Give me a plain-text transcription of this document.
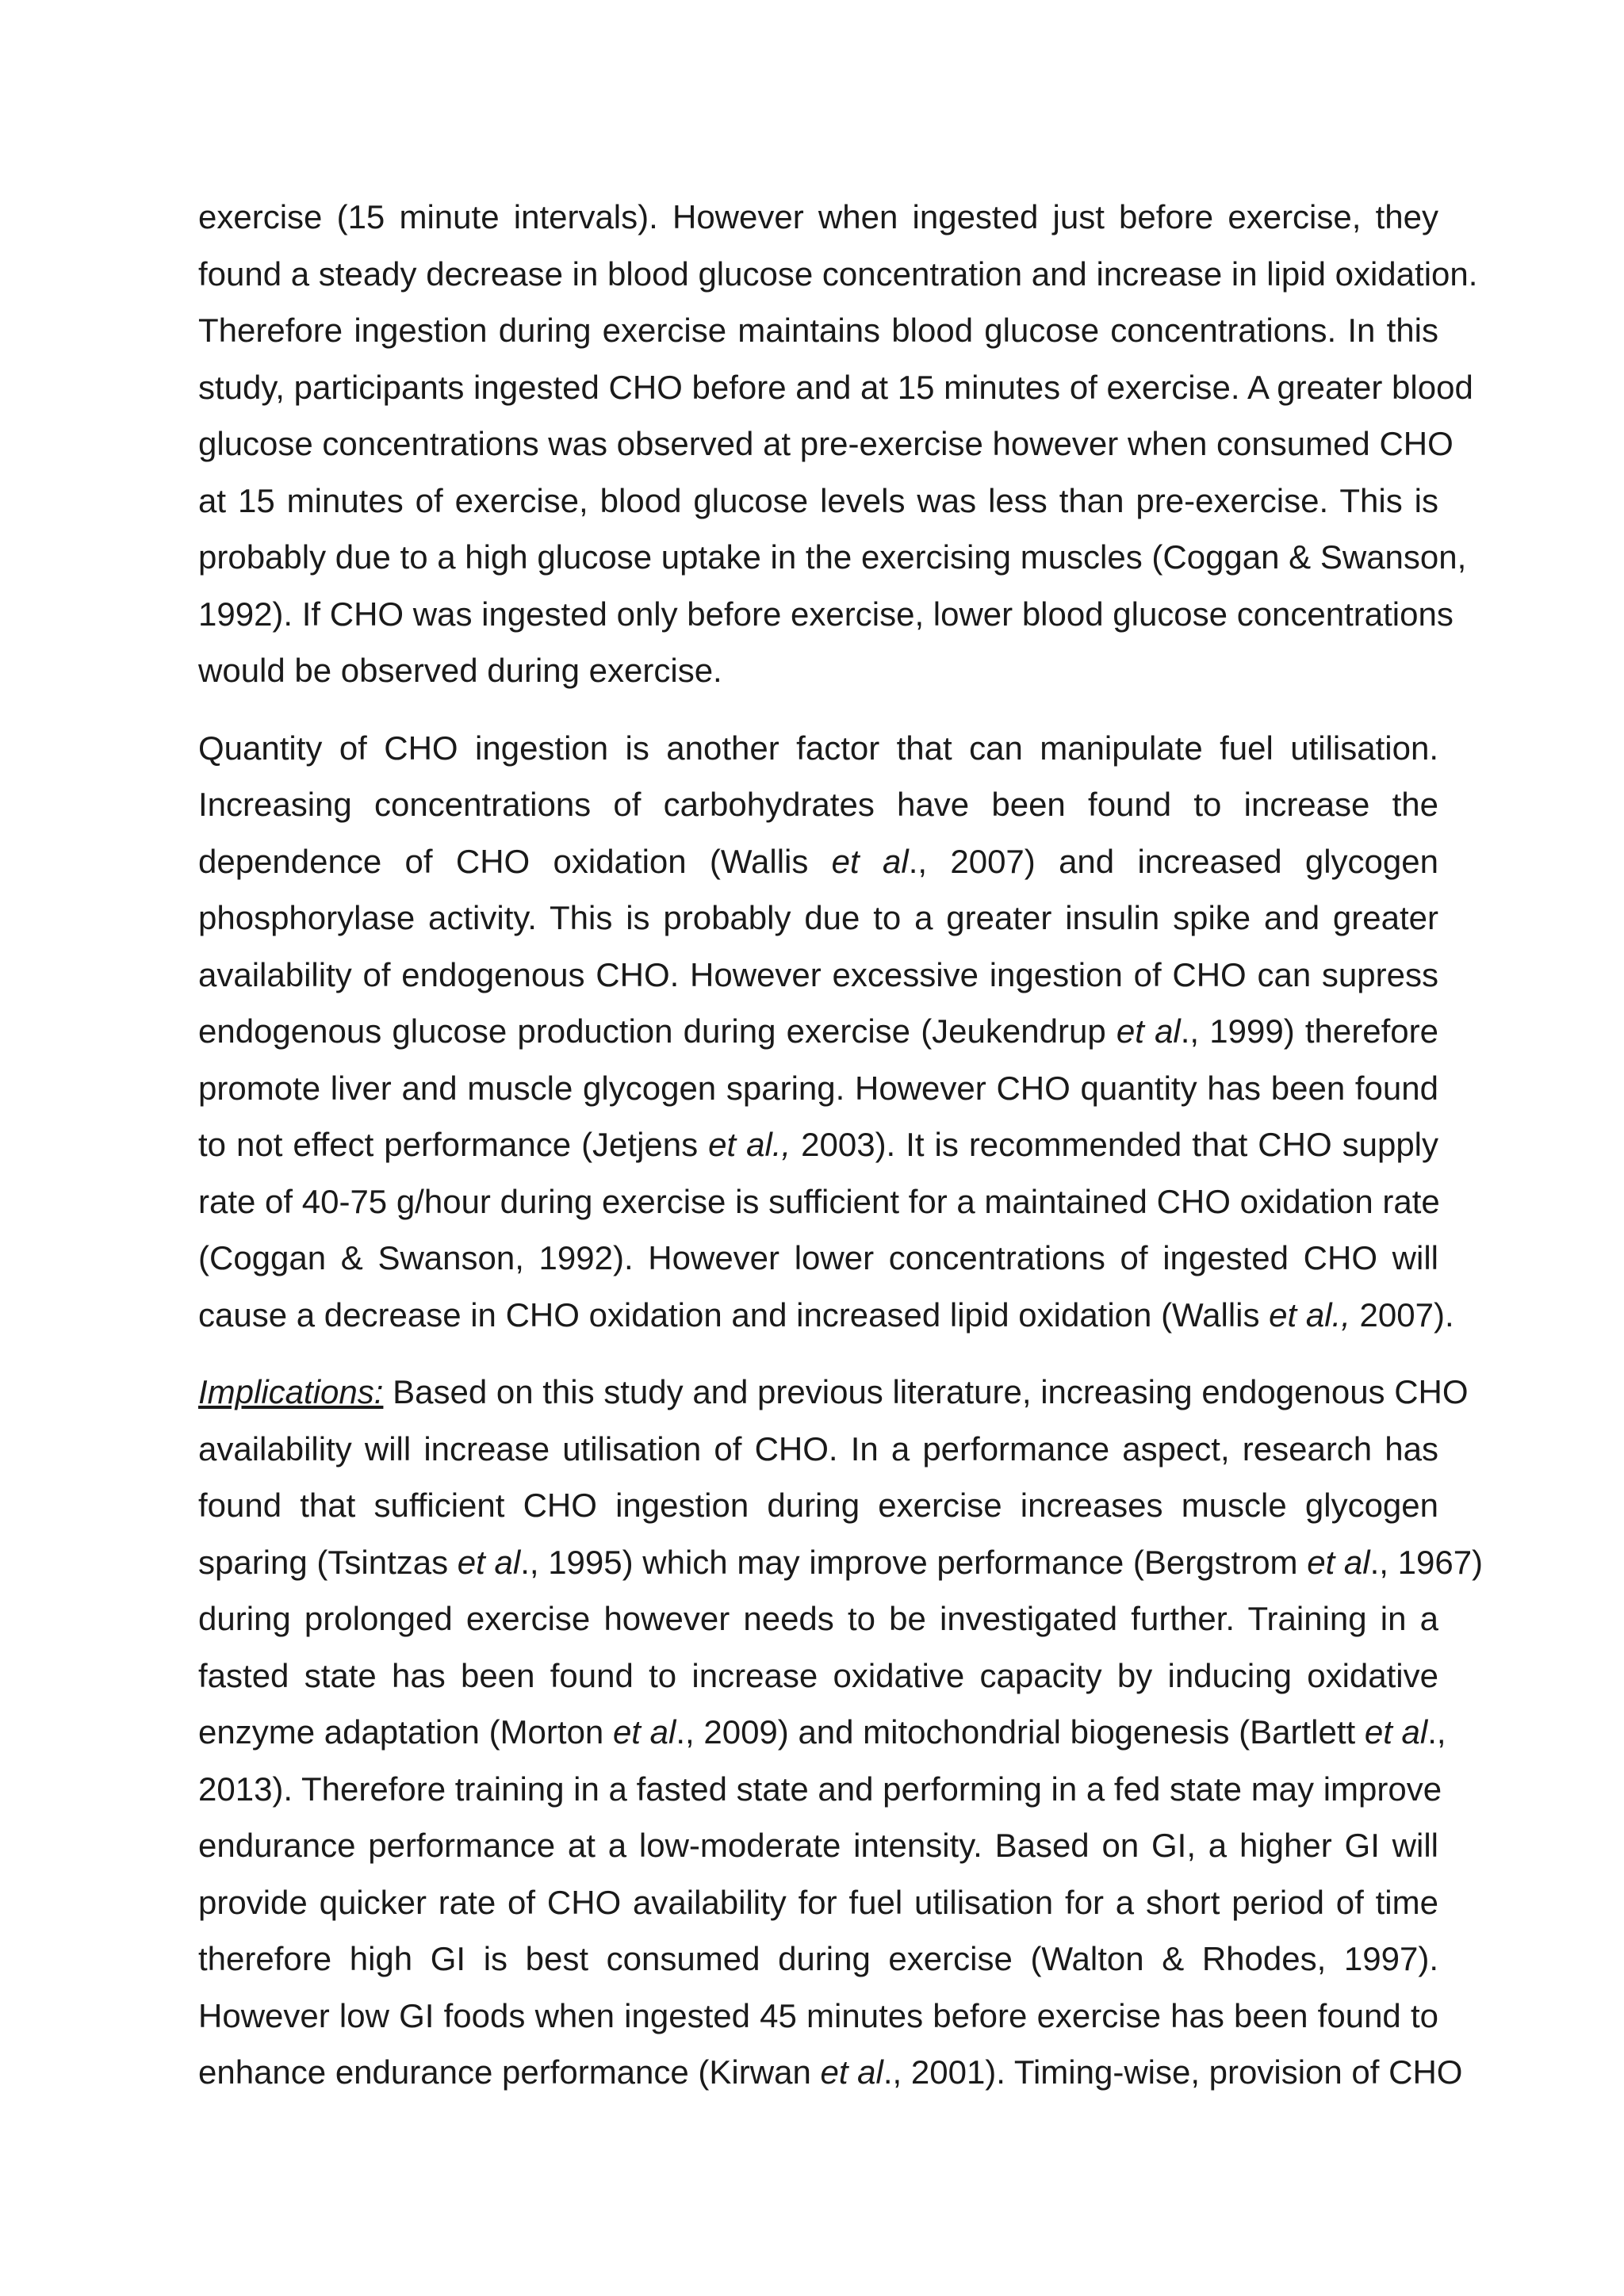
exercise (15 minute intervals). However when ingested just before exercise, they
found a steady decrease in blood glucose concentration and increase in lipid oxidation.
Therefore ingestion during exercise maintains blood glucose concentrations. In this
study, participants ingested CHO before and at 15 minutes of exercise. A greater blood
glucose concentrations was observed at pre-exercise however when consumed CHO
at 15 minutes of exercise, blood glucose levels was less than pre-exercise. This is
probably due to a high glucose uptake in the exercising muscles (Coggan & Swanson,
1992). If CHO was ingested only before exercise, lower blood glucose concentrations
would be observed during exercise.
Quantity of CHO ingestion is another factor that can manipulate fuel utilisation.
Increasing concentrations of carbohydrates have been found to increase the
dependence of CHO oxidation (Wallis et al., 2007) and increased glycogen
phosphorylase activity. This is probably due to a greater insulin spike and greater
availability of endogenous CHO. However excessive ingestion of CHO can supress
endogenous glucose production during exercise (Jeukendrup et al., 1999) therefore
promote liver and muscle glycogen sparing. However CHO quantity has been found
to not effect performance (Jetjens et al., 2003). It is recommended that CHO supply
rate of 40-75 g/hour during exercise is sufficient for a maintained CHO oxidation rate
(Coggan & Swanson, 1992). However lower concentrations of ingested CHO will
cause a decrease in CHO oxidation and increased lipid oxidation (Wallis et al., 2007).
Implications: Based on this study and previous literature, increasing endogenous CHO
availability will increase utilisation of CHO. In a performance aspect, research has
found that sufficient CHO ingestion during exercise increases muscle glycogen
sparing (Tsintzas et al., 1995) which may improve performance (Bergstrom et al., 1967)
during prolonged exercise however needs to be investigated further. Training in a
fasted state has been found to increase oxidative capacity by inducing oxidative
enzyme adaptation (Morton et al., 2009) and mitochondrial biogenesis (Bartlett et al.,
2013). Therefore training in a fasted state and performing in a fed state may improve
endurance performance at a low-moderate intensity. Based on GI, a higher GI will
provide quicker rate of CHO availability for fuel utilisation for a short period of time
therefore high GI is best consumed during exercise (Walton & Rhodes, 1997).
However low GI foods when ingested 45 minutes before exercise has been found to
enhance endurance performance (Kirwan et al., 2001). Timing-wise, provision of CHO
